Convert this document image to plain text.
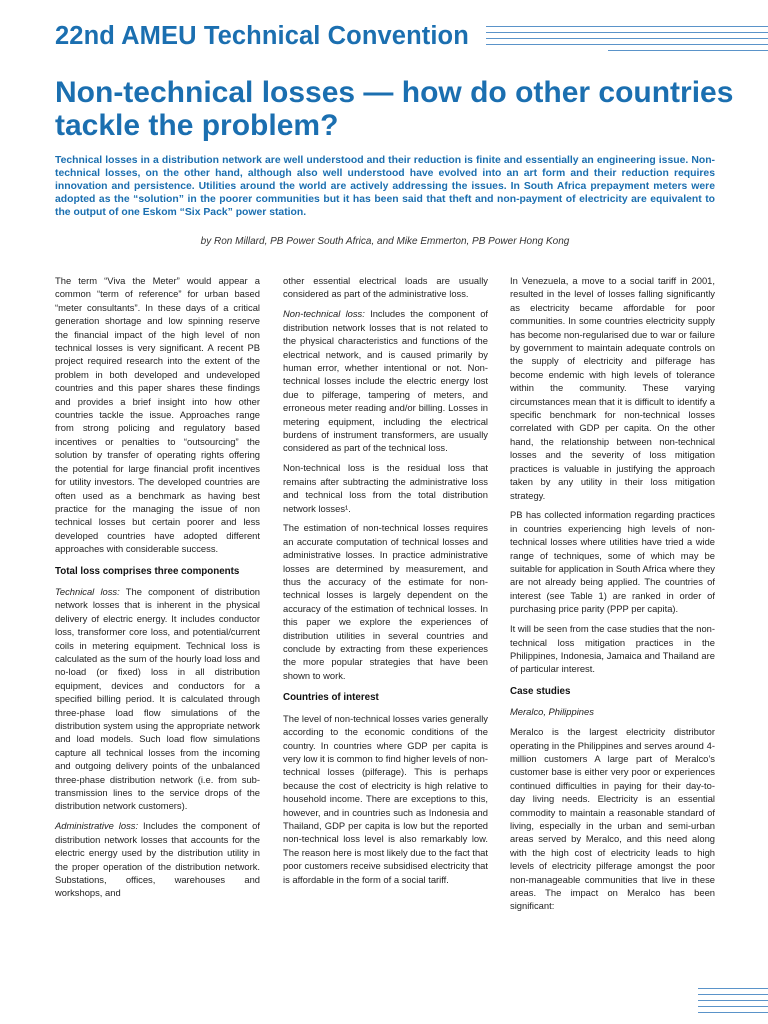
22nd AMEU Technical Convention
Non-technical losses — how do other countries tackle the problem?

Technical losses in a distribution network are well understood and their reduction is finite and essentially an engineering issue. Non-technical losses, on the other hand, although also well understood have evolved into an art form and their reduction requires innovation and persistence. Utilities around the world are actively addressing the issues. In South Africa prepayment meters were adopted as the “solution” in the poorer communities but it has been said that theft and non-payment of electricity are equivalent to the output of one Eskom “Six Pack” power station.

by Ron Millard, PB Power South Africa, and Mike Emmerton, PB Power Hong Kong

The term “Viva the Meter” would appear a common “term of reference” for urban based “meter consultants”. In these days of a critical generation shortage and low spinning reserve the financial impact of the high level of non technical losses is very significant. A recent PB project required research into the extent of the problem in both developed and undeveloped countries and this paper shares these findings and provides a brief insight into how other countries tackle the issue. Approaches range from strong policing and regulatory based incentives or penalties to “outsourcing” the solution by transfer of operating rights offering the potential for large financial profit incentives for utility investors. The developed countries are often used as a benchmark as having best practice for the managing the issue of non technical losses but certain poorer and less developed countries have adopted different approaches with considerable success.

Total loss comprises three components

Technical loss: The component of distribution network losses that is inherent in the physical delivery of electric energy. It includes conductor loss, transformer core loss, and potential/current coils in metering equipment. Technical loss is calculated as the sum of the hourly load loss and no-load (or fixed) loss in all distribution equipment, devices and conductors for a specified billing period. It is calculated through three-phase load flow simulations of the distribution system using the appropriate network and load models. Such load flow simulations capture all technical losses from the incoming and outgoing delivery points of the unbalanced three-phase distribution network (i.e. from sub-transmission lines to the service drops of the distribution network customers).

Administrative loss: Includes the component of distribution network losses that accounts for the electric energy used by the distribution utility in the proper operation of the distribution network. Substations, offices, warehouses and workshops, and

other essential electrical loads are usually considered as part of the administrative loss.

Non-technical loss: Includes the component of distribution network losses that is not related to the physical characteristics and functions of the electrical network, and is caused primarily by human error, whether intentional or not. Non-technical losses include the electric energy lost due to pilferage, tampering of meters, and erroneous meter reading and/or billing. Losses in metering equipment, including the electrical burdens of instrument transformers, are usually considered as part of the technical loss.

Non-technical loss is the residual loss that remains after subtracting the administrative loss and technical loss from the total distribution network losses¹.

The estimation of non-technical losses requires an accurate computation of technical losses and administrative losses. In practice administrative losses are determined by measurement, and thus the accuracy of the estimate for non-technical losses is largely dependent on the accuracy of the estimation of technical losses. In this paper we explore the experiences of distribution utilities in several countries and conclude by extracting from these experiences the more popular strategies that have been shown to work.

Countries of interest

The level of non-technical losses varies generally according to the economic conditions of the country. In countries where GDP per capita is very low it is common to find higher levels of non-technical losses (pilferage). This is perhaps because the cost of electricity is high relative to household income. There are exceptions to this, however, and in countries such as Indonesia and Thailand, GDP per capita is low but the reported non-technical loss level is also remarkably low. The reason here is most likely due to the fact that poor customers receive subsidised electricity that is affordable in the form of a social tariff.

In Venezuela, a move to a social tariff in 2001, resulted in the level of losses falling significantly as electricity became affordable for poor communities. In some countries electricity supply has become non-regularised due to war or failure by government to maintain adequate controls on the supply of electricity and pilferage has become endemic with high levels of tolerance within the community. These varying circumstances mean that it is difficult to identify a specific benchmark for non-technical losses correlated with GDP per capita. On the other hand, the relationship between non-technical losses and the severity of loss mitigation practices is valuable in justifying the approach taken by any utility in their loss mitigation strategy.

PB has collected information regarding practices in countries experiencing high levels of non-technical losses where utilities have tried a wide range of techniques, some of which may be suitable for application in South Africa where they are not already being applied. The countries of interest (see Table 1) are ranked in order of purchasing price parity (PPP per capita).

It will be seen from the case studies that the non-technical loss mitigation practices in the Philippines, Indonesia, Jamaica and Thailand are of particular interest.

Case studies

Meralco, Philippines

Meralco is the largest electricity distributor operating in the Philippines and serves around 4-million customers A large part of Meralco’s customer base is either very poor or experiences continued difficulties in paying for their day-to-day living needs. Electricity is an essential commodity to maintain a reasonable standard of living, especially in the urban and semi-urban areas served by Meralco, and this need along with the high cost of electricity leads to high levels of electricity pilferage amongst the poor non-manageable communities that live in these areas. The impact on Meralco has been significant:
